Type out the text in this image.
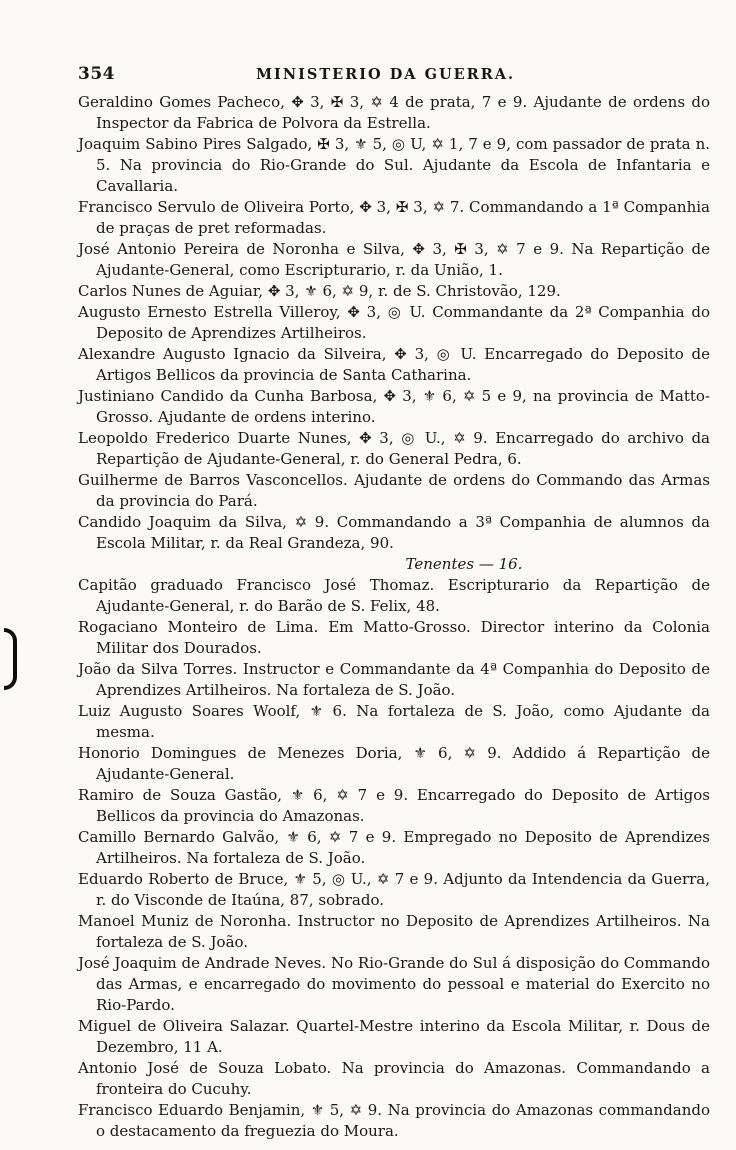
354	MINISTERIO DA GUERRA.
Geraldino Gomes Pacheco, ✥ 3, ✠ 3, ✡ 4 de prata, 7 e 9. Ajudante de ordens do Inspector da Fabrica de Polvora da Estrella.
Joaquim Sabino Pires Salgado, ✠ 3, ⚜ 5, ◎ U, ✡ 1, 7 e 9, com passador de prata n. 5. Na provincia do Rio-Grande do Sul. Ajudante da Escola de Infantaria e Cavallaria.
Francisco Servulo de Oliveira Porto, ✥ 3, ✠ 3, ✡ 7. Commandando a 1ª Companhia de praças de pret reformadas.
José Antonio Pereira de Noronha e Silva, ✥ 3, ✠ 3, ✡ 7 e 9. Na Repartição de Ajudante-General, como Escripturario, r. da União, 1.
Carlos Nunes de Aguiar, ✥ 3, ⚜ 6, ✡ 9, r. de S. Christovão, 129.
Augusto Ernesto Estrella Villeroy, ✥ 3, ◎ U. Commandante da 2ª Companhia do Deposito de Aprendizes Artilheiros.
Alexandre Augusto Ignacio da Silveira, ✥ 3, ◎ U. Encarregado do Deposito de Artigos Bellicos da provincia de Santa Catharina.
Justiniano Candido da Cunha Barbosa, ✥ 3, ⚜ 6, ✡ 5 e 9, na provincia de Matto-Grosso. Ajudante de ordens interino.
Leopoldo Frederico Duarte Nunes, ✥ 3, ◎ U., ✡ 9. Encarregado do archivo da Repartição de Ajudante-General, r. do General Pedra, 6.
Guilherme de Barros Vasconcellos. Ajudante de ordens do Commando das Armas da provincia do Pará.
Candido Joaquim da Silva, ✡ 9. Commandando a 3ª Companhia de alumnos da Escola Militar, r. da Real Grandeza, 90.
Tenentes — 16.
Capitão graduado Francisco José Thomaz. Escripturario da Repartição de Ajudante-General, r. do Barão de S. Felix, 48.
Rogaciano Monteiro de Lima. Em Matto-Grosso. Director interino da Colonia Militar dos Dourados.
João da Silva Torres. Instructor e Commandante da 4ª Companhia do Deposito de Aprendizes Artilheiros. Na fortaleza de S. João.
Luiz Augusto Soares Woolf, ⚜ 6. Na fortaleza de S. João, como Ajudante da mesma.
Honorio Domingues de Menezes Doria, ⚜ 6, ✡ 9. Addido á Repartição de Ajudante-General.
Ramiro de Souza Gastão, ⚜ 6, ✡ 7 e 9. Encarregado do Deposito de Artigos Bellicos da provincia do Amazonas.
Camillo Bernardo Galvão, ⚜ 6, ✡ 7 e 9. Empregado no Deposito de Aprendizes Artilheiros. Na fortaleza de S. João.
Eduardo Roberto de Bruce, ⚜ 5, ◎ U., ✡ 7 e 9. Adjunto da Intendencia da Guerra, r. do Visconde de Itaúna, 87, sobrado.
Manoel Muniz de Noronha. Instructor no Deposito de Aprendizes Artilheiros. Na fortaleza de S. João.
José Joaquim de Andrade Neves. No Rio-Grande do Sul á disposição do Commando das Armas, e encarregado do movimento do pessoal e material do Exercito no Rio-Pardo.
Miguel de Oliveira Salazar. Quartel-Mestre interino da Escola Militar, r. Dous de Dezembro, 11 A.
Antonio José de Souza Lobato. Na provincia do Amazonas. Commandando a fronteira do Cucuhy.
Francisco Eduardo Benjamin, ⚜ 5, ✡ 9. Na provincia do Amazonas commandando o destacamento da freguezia do Moura.
